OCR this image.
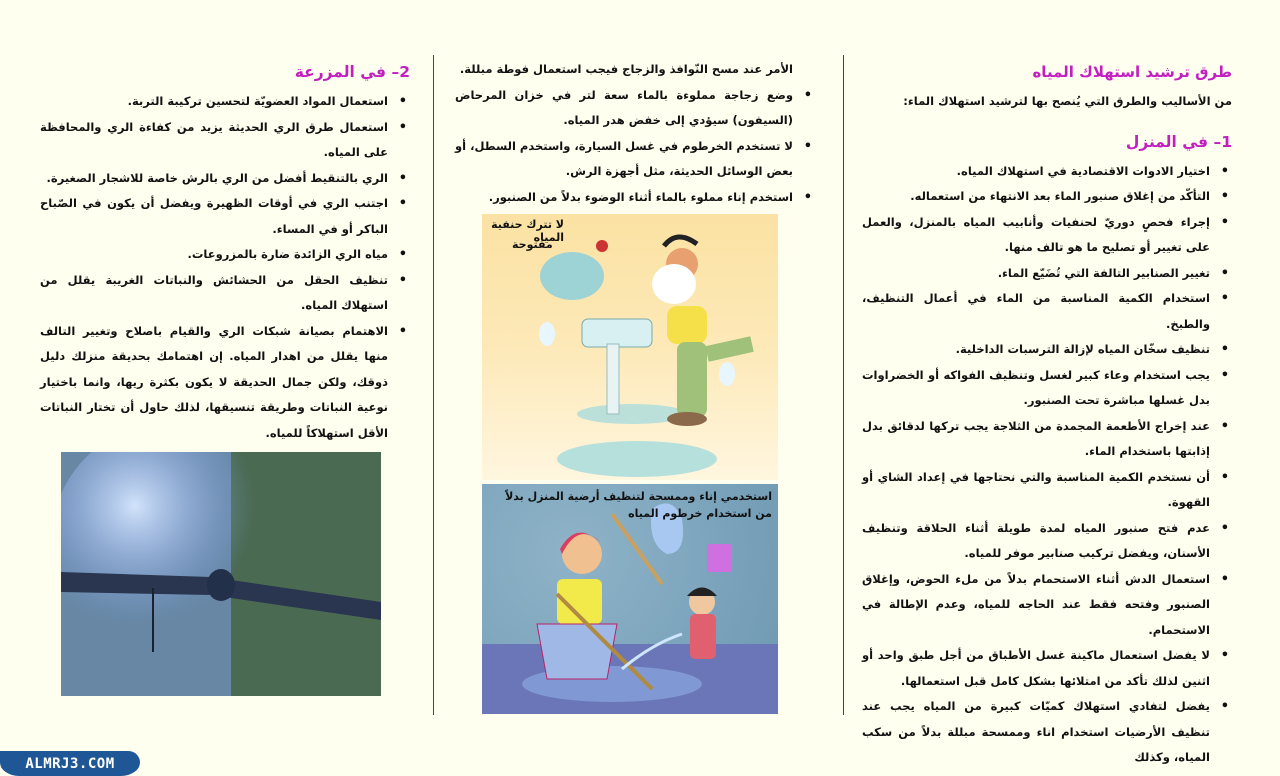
طرق ترشيد استهلاك المياه
من الأساليب والطرق التي يُنصح بها لترشيد استهلاك الماء:
1– في المنزل
• اختيار الادوات الاقتصادية في استهلاك المياه.
• التأكّد من إغلاق صنبور الماء بعد الانتهاء من استعماله.
• إجراء فحصٍ دوريّ لحنفيات وأنابيب المياه بالمنزل، والعمل على تغيير أو تصليح ما هو تالف منها.
• تغيير الصنابير التالفة التي تُضَيّع الماء.
• استخدام الكمية المناسبة من الماء في أعمال التنظيف، والطبخ.
• تنظيف سخّان المياه لإزالة الترسبات الداخلية.
• يجب استخدام وعاء كبير لغسل وتنظيف الفواكه أو الخضراوات بدل غسلها مباشرة تحت الصنبور.
• عند إخراج الأطعمة المجمدة من الثلاجة يجب تركها لدقائق بدل إذابتها باستخدام الماء.
• أن نستخدم الكمية المناسبة والتي نحتاجها في إعداد الشاي أو القهوة.
• عدم فتح صنبور المياه لمدة طويلة أثناء الحلاقة وتنظيف الأسنان، ويفضل تركيب صنابير موفر للمياه.
• استعمال الدش أثناء الاستحمام بدلاً من ملء الحوض، وإغلاق الصنبور وفتحه فقط عند الحاجه للمياه، وعدم الإطالة في الاستحمام.
• لا يفضل استعمال ماكينة غسل الأطباق من أجل طبق واحد أو اثنين لذلك تأكد من امتلائها بشكل كامل قبل استعمالها.
• يفضل لتفادي استهلاك كميّات كبيرة من المياه يجب عند تنظيف الأرضيات استخدام اناء وممسحة مبللة بدلاً من سكب المياه، وكذلك

الأمر عند مسح النّوافذ والزجاج فيجب استعمال فوطة مبللة.

• وضع زجاجة مملوءة بالماء سعة لتر في خزان المرحاض (السيفون) سيؤدي إلى خفض هدر المياه.
• لا تستخدم الخرطوم في غسل السيارة، واستخدم السطل، أو بعض الوسائل الحديثة، مثل أجهزة الرش.
• استخدم إناء مملوء بالماء أثناء الوضوء بدلاً من الصنبور.
لا تترك حنفية المياه
مفتوحة
استخدمي إناء وممسحة لتنظيف أرضية المنزل بدلاً من استخدام خرطوم المياه
2– في المزرعة
• استعمال المواد العضويّة لتحسين تركيبة التربة.
• استعمال طرق الري الحديثة يزيد من كفاءة الري والمحافظة على المياه.
• الري بالتنقيط أفضل من الري بالرش خاصة للاشجار الصغيرة.
• اجتنب الري في أوقات الظهيرة ويفضل أن يكون في الصّباح الباكر أو في المساء.
• مياه الري الزائدة ضارة بالمزروعات.
• تنظيف الحقل من الحشائش والنباتات الغريبة يقلل من استهلاك المياه.
• الاهتمام بصيانة شبكات الري والقيام باصلاح وتغيير التالف منها يقلل من اهدار المياه. إن اهتمامك بحديقة منزلك دليل ذوقك، ولكن جمال الحديقة لا يكون بكثرة ريها، وانما باختيار نوعية النباتات وطريقة تنسيقها، لذلك حاول أن تختار النباتات الأقل استهلاكاً للمياه.
ALMRJ3.COM
